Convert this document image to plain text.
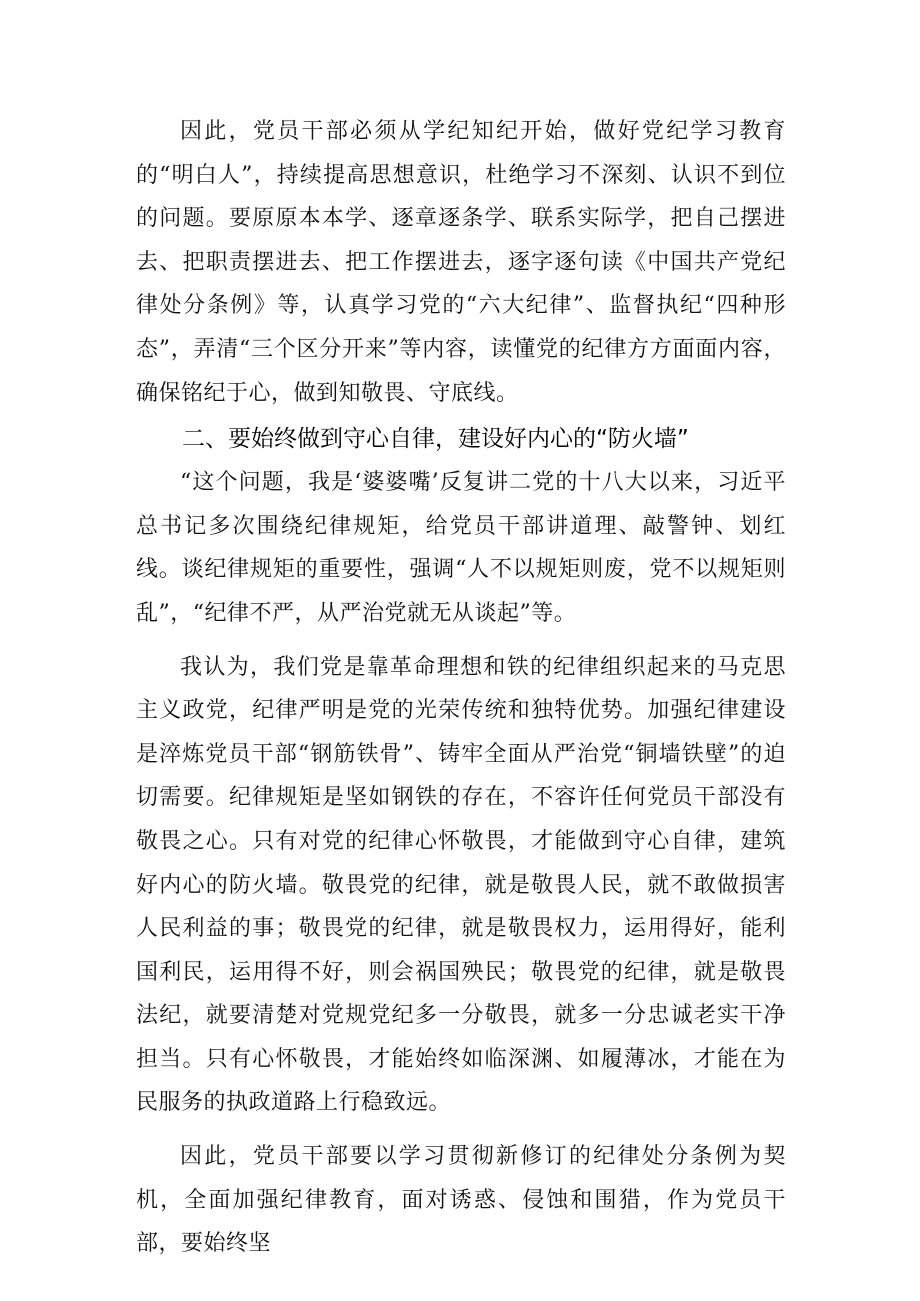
因此，党员干部必须从学纪知纪开始，做好党纪学习教育的“明白人”，持续提高思想意识，杜绝学习不深刻、认识不到位的问题。要原原本本学、逐章逐条学、联系实际学，把自己摆进去、把职责摆进去、把工作摆进去，逐字逐句读《中国共产党纪律处分条例》等，认真学习党的“六大纪律”、监督执纪“四种形态”，弄清“三个区分开来”等内容，读懂党的纪律方方面面内容，确保铭纪于心，做到知敬畏、守底线。

二、要始终做到守心自律，建设好内心的“防火墙”

“这个问题，我是‘婆婆嘴’反复讲二党的十八大以来，习近平总书记多次围绕纪律规矩，给党员干部讲道理、敲警钟、划红线。谈纪律规矩的重要性，强调“人不以规矩则废，党不以规矩则乱”，“纪律不严，从严治党就无从谈起”等。

我认为，我们党是靠革命理想和铁的纪律组织起来的马克思主义政党，纪律严明是党的光荣传统和独特优势。加强纪律建设是淬炼党员干部“钢筋铁骨”、铸牢全面从严治党“铜墙铁壁”的迫切需要。纪律规矩是坚如钢铁的存在，不容许任何党员干部没有敬畏之心。只有对党的纪律心怀敬畏，才能做到守心自律，建筑好内心的防火墙。敬畏党的纪律，就是敬畏人民，就不敢做损害人民利益的事；敬畏党的纪律，就是敬畏权力，运用得好，能利国利民，运用得不好，则会祸国殃民；敬畏党的纪律，就是敬畏法纪，就要清楚对党规党纪多一分敬畏，就多一分忠诚老实干净担当。只有心怀敬畏，才能始终如临深渊、如履薄冰，才能在为民服务的执政道路上行稳致远。

因此，党员干部要以学习贯彻新修订的纪律处分条例为契机，全面加强纪律教育，面对诱惑、侵蚀和围猎，作为党员干部，要始终坚
